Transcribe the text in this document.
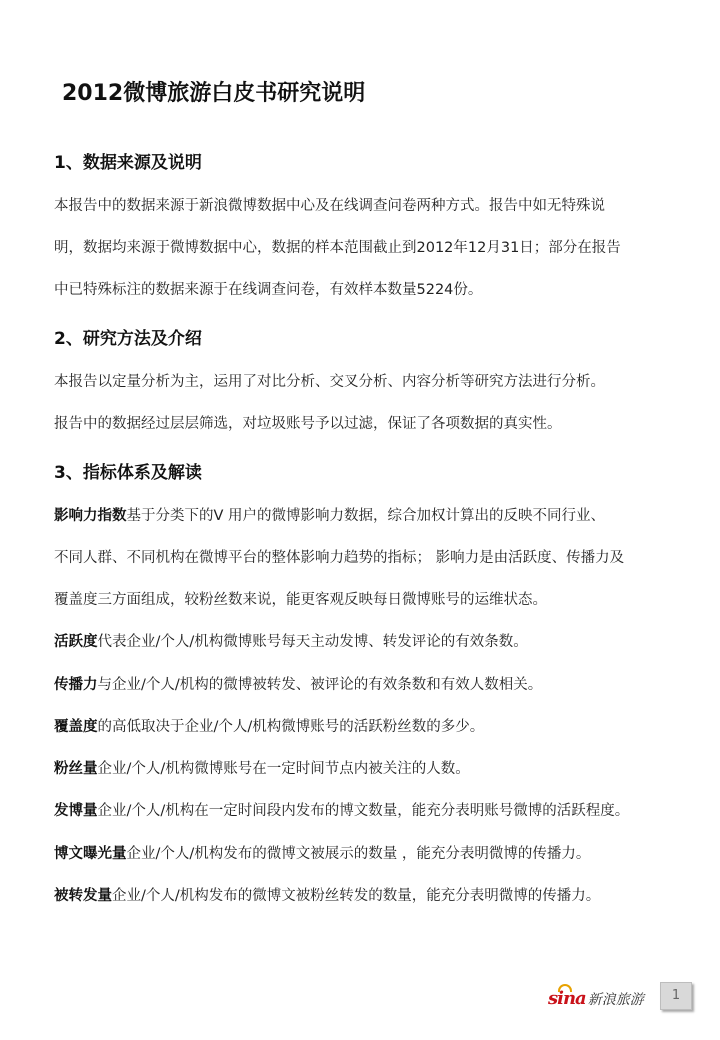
2012微博旅游白皮书研究说明
1、数据来源及说明

本报告中的数据来源于新浪微博数据中心及在线调查问卷两种方式。报告中如无特殊说

明，数据均来源于微博数据中心，数据的样本范围截止到2012年12月31日；部分在报告

中已特殊标注的数据来源于在线调查问卷，有效样本数量5224份。

2、研究方法及介绍

本报告以定量分析为主，运用了对比分析、交叉分析、内容分析等研究方法进行分析。

报告中的数据经过层层筛选，对垃圾账号予以过滤，保证了各项数据的真实性。

3、指标体系及解读

影响力指数基于分类下的V 用户的微博影响力数据，综合加权计算出的反映不同行业、

不同人群、不同机构在微博平台的整体影响力趋势的指标； 影响力是由活跃度、传播力及

覆盖度三方面组成，较粉丝数来说，能更客观反映每日微博账号的运维状态。

活跃度代表企业/个人/机构微博账号每天主动发博、转发评论的有效条数。

传播力与企业/个人/机构的微博被转发、被评论的有效条数和有效人数相关。

覆盖度的高低取决于企业/个人/机构微博账号的活跃粉丝数的多少。

粉丝量企业/个人/机构微博账号在一定时间节点内被关注的人数。

发博量企业/个人/机构在一定时间段内发布的博文数量，能充分表明账号微博的活跃程度。

博文曝光量企业/个人/机构发布的微博文被展示的数量 ，能充分表明微博的传播力。

被转发量企业/个人/机构发布的微博文被粉丝转发的数量，能充分表明微博的传播力。

sina 新浪旅游	1
